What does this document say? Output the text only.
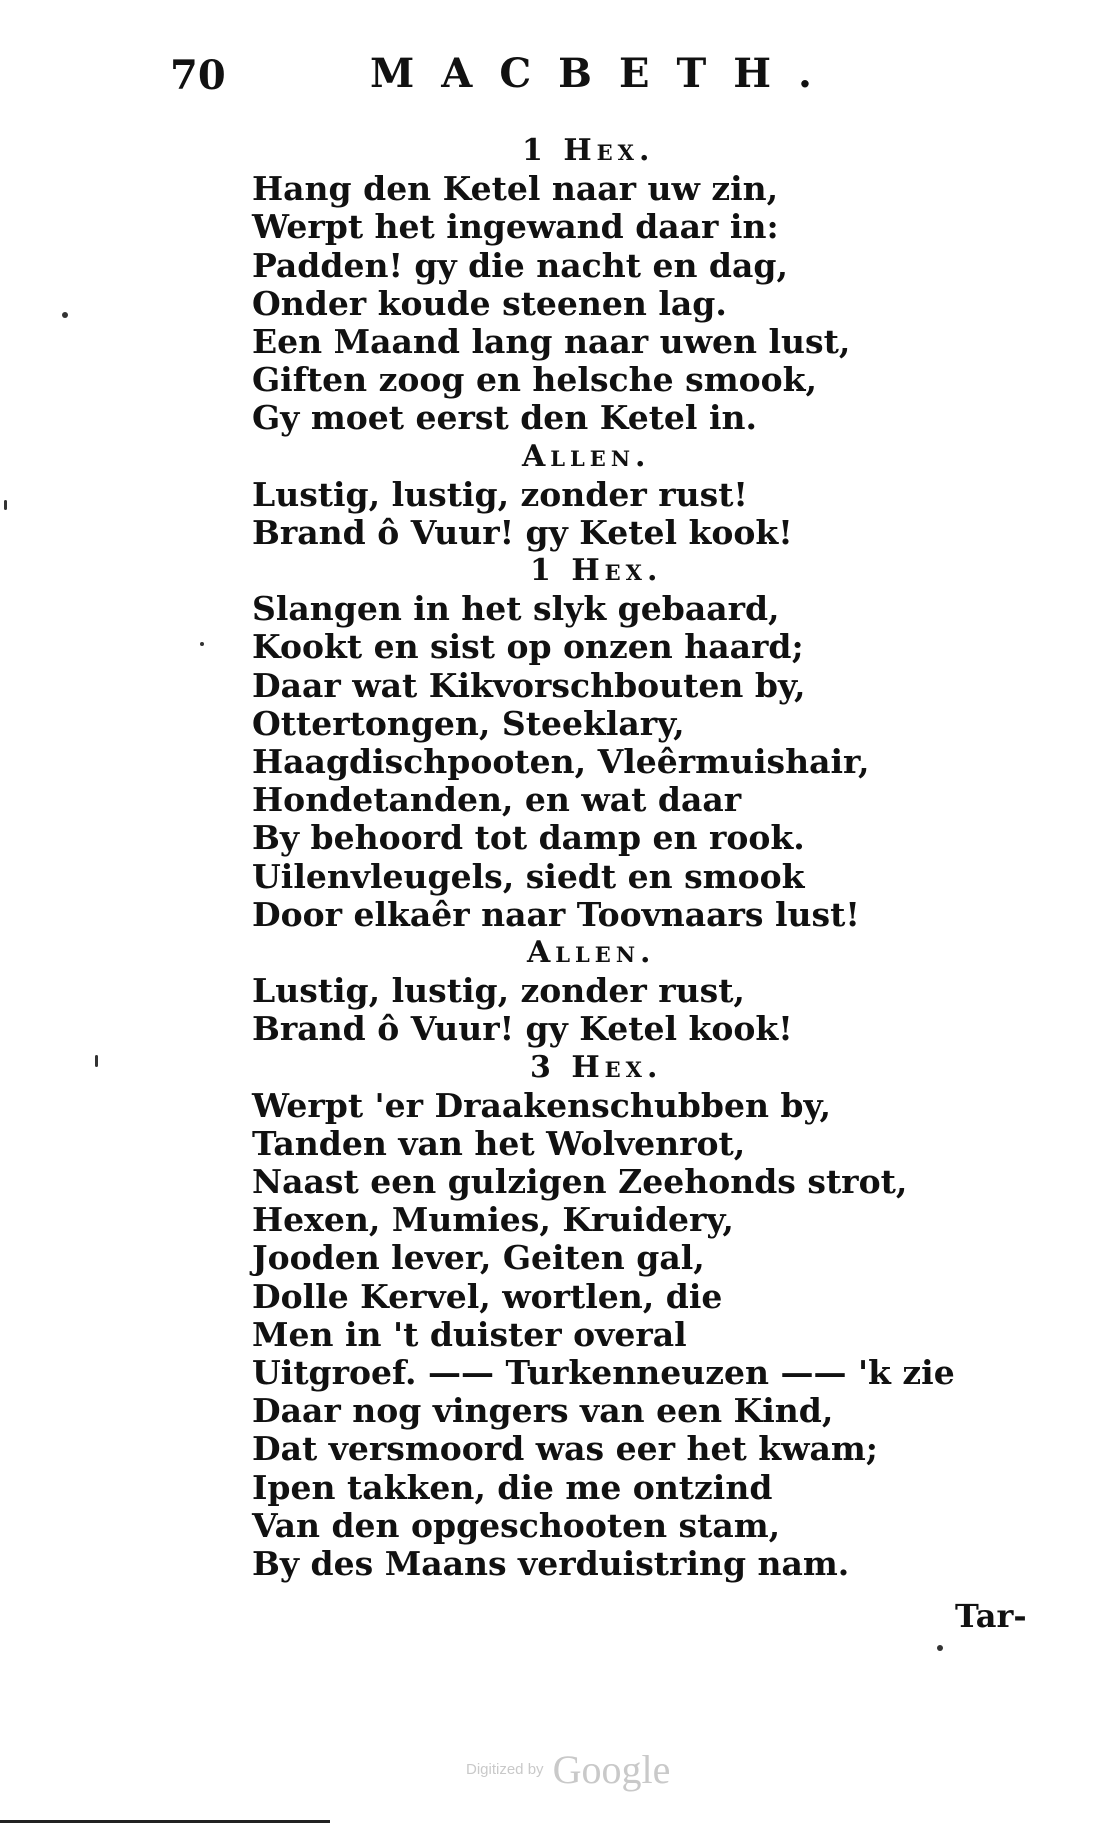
70	MACBETH.
1 Hex.
Hang den Ketel naar uw zin,
Werpt het ingewand daar in:
Padden! gy die nacht en dag,
Onder koude steenen lag.
Een Maand lang naar uwen lust,
Giften zoog en helsche smook,
Gy moet eerst den Ketel in.
Allen.
Lustig, lustig, zonder rust!
Brand ô Vuur! gy Ketel kook!
1 Hex.
Slangen in het slyk gebaard,
Kookt en sist op onzen haard;
Daar wat Kikvorschbouten by,
Ottertongen, Steeklary,
Haagdischpooten, Vleêrmuishair,
Hondetanden, en wat daar
By behoord tot damp en rook.
Uilenvleugels, siedt en smook
Door elkaêr naar Toovnaars lust!
Allen.
Lustig, lustig, zonder rust,
Brand ô Vuur! gy Ketel kook!
3 Hex.
Werpt 'er Draakenschubben by,
Tanden van het Wolvenrot,
Naast een gulzigen Zeehonds strot,
Hexen, Mumies, Kruidery,
Jooden lever, Geiten gal,
Dolle Kervel, wortlen, die
Men in 't duister overal
Uitgroef. —— Turkenneuzen —— 'k zie
Daar nog vingers van een Kind,
Dat versmoord was eer het kwam;
Ipen takken, die me ontzind
Van den opgeschooten stam,
By des Maans verduistring nam.
Tar-
Digitized by Google
